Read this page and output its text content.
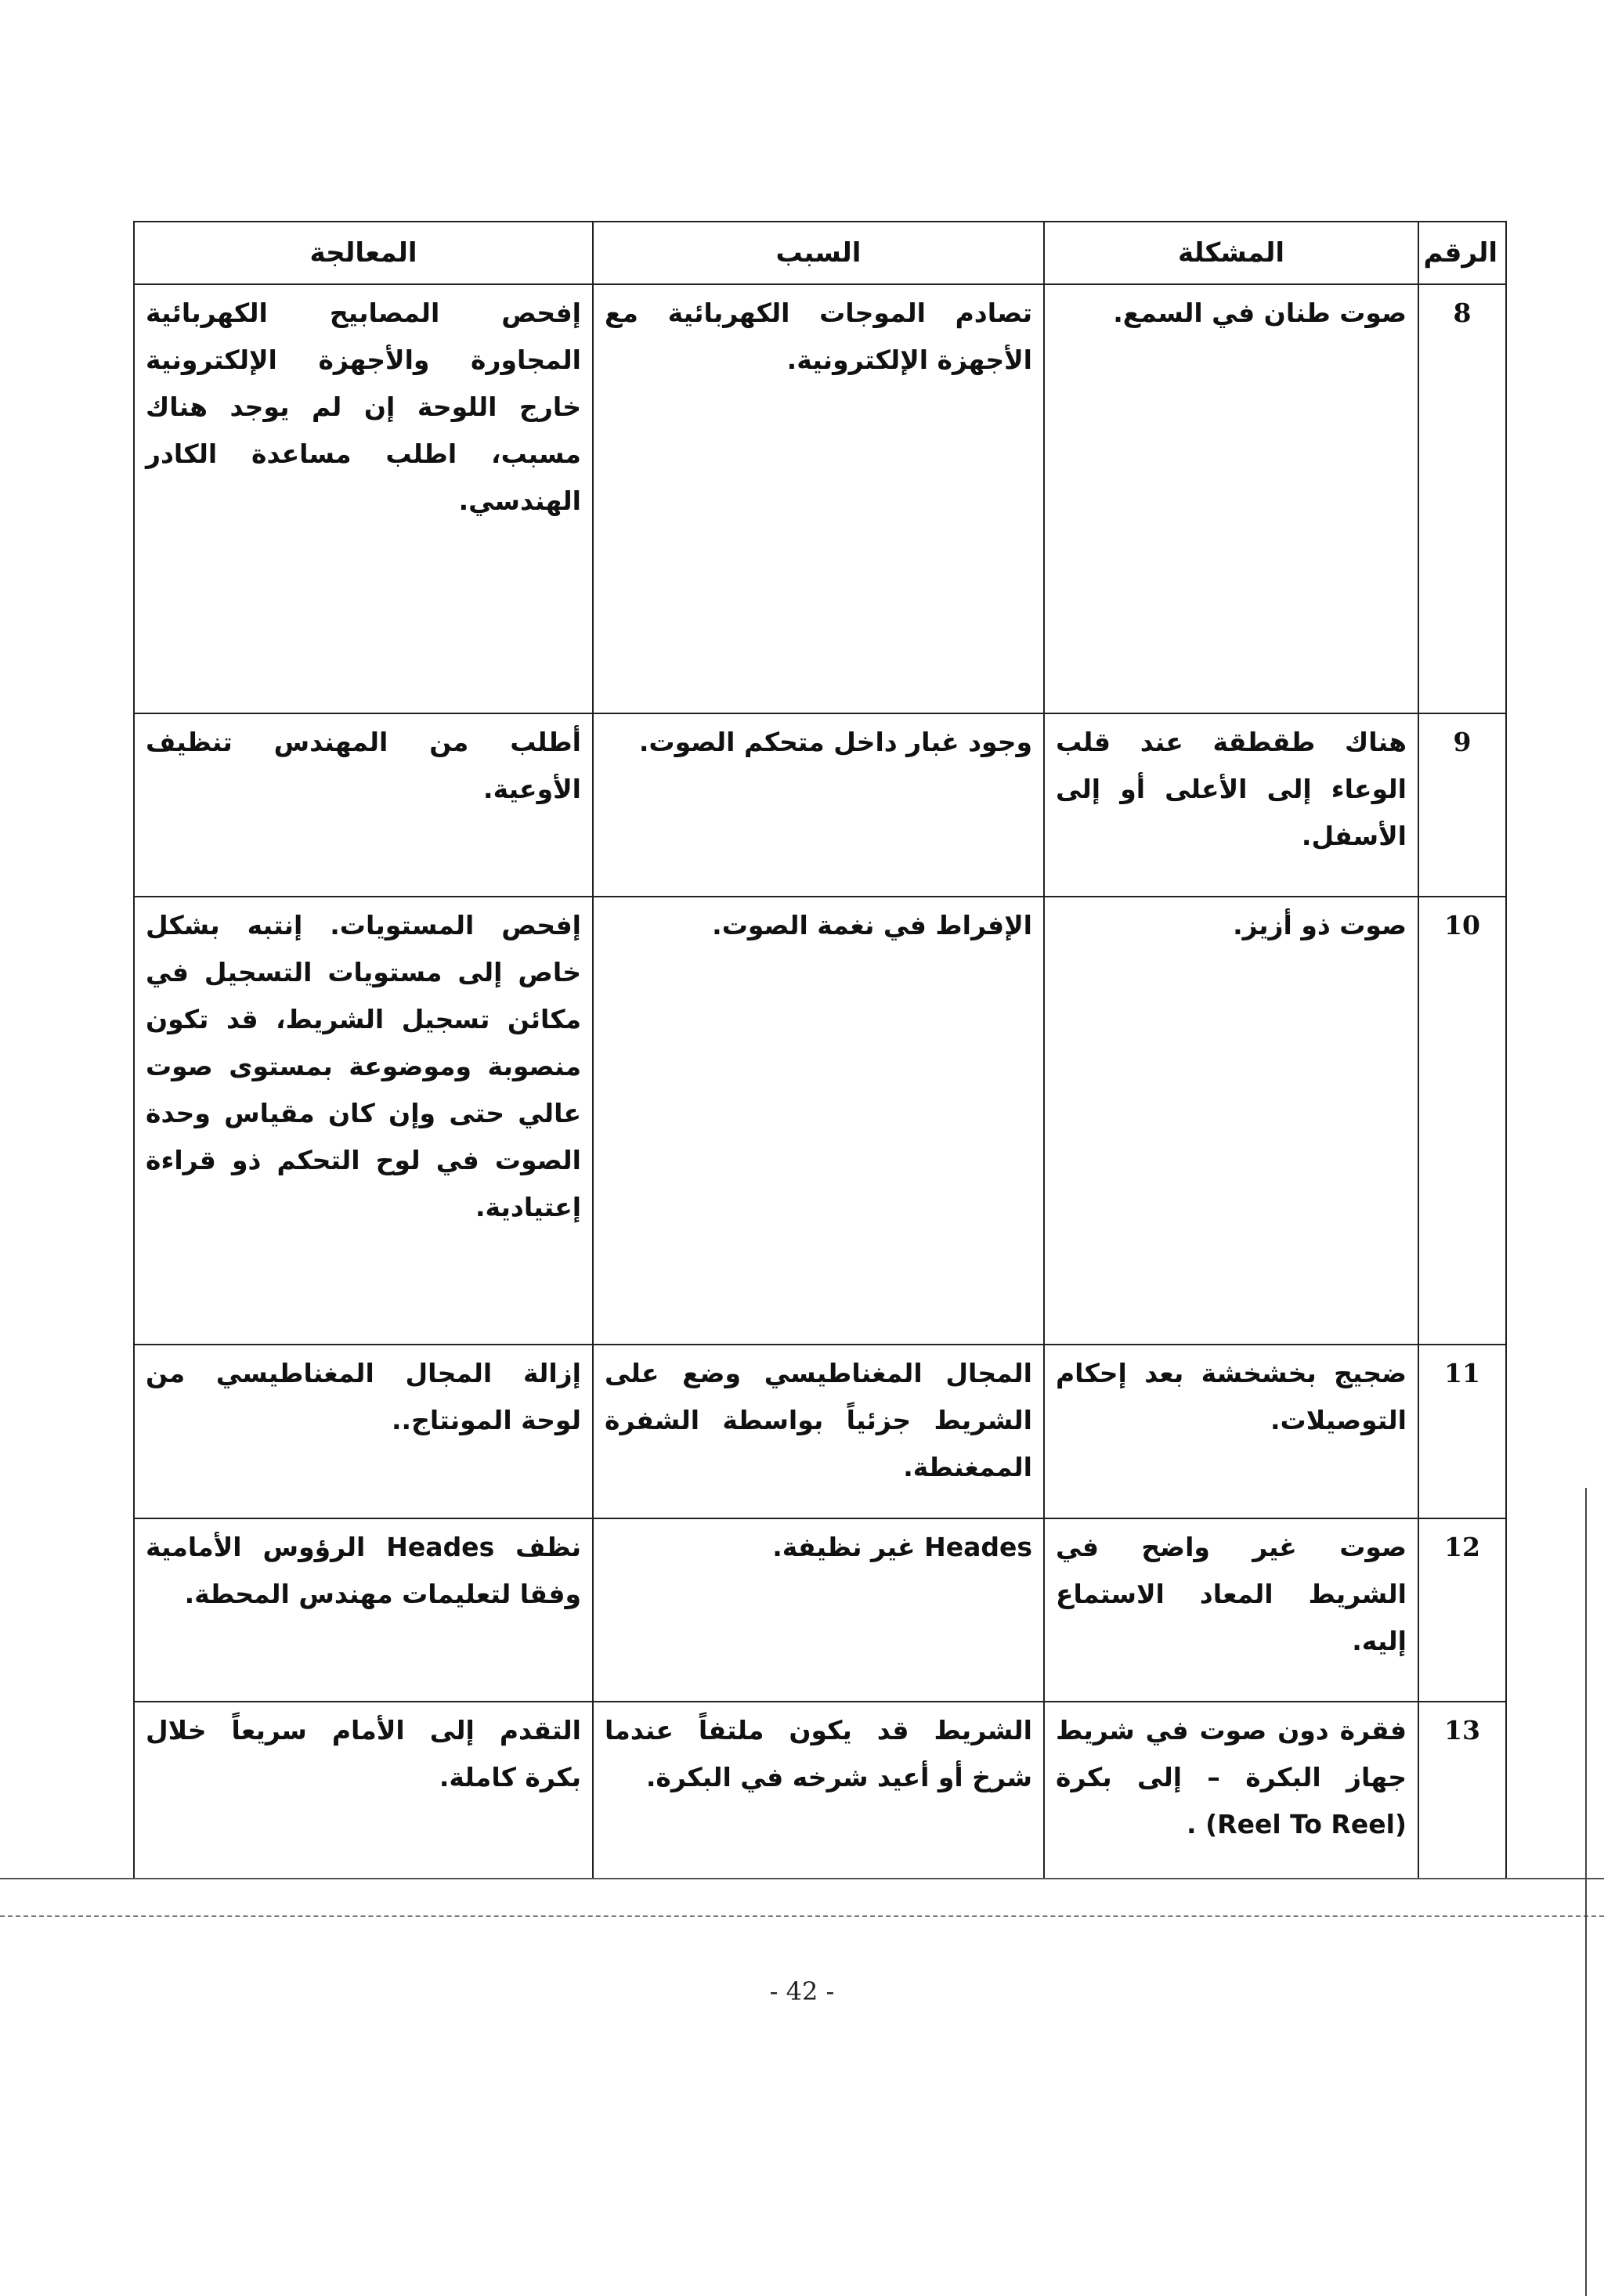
الرقم	المشكلة	السبب	المعالجة
8	صوت طنان في السمع.	تصادم الموجات الكهربائية مع الأجهزة الإلكترونية.	إفحص المصابيح الكهربائية المجاورة والأجهزة الإلكترونية خارج اللوحة إن لم يوجد هناك مسبب، اطلب مساعدة الكادر الهندسي.
9	هناك طقطقة عند قلب الوعاء إلى الأعلى أو إلى الأسفل.	وجود غبار داخل متحكم الصوت.	أطلب من المهندس تنظيف الأوعية.
10	صوت ذو أزيز.	الإفراط في نغمة الصوت.	إفحص المستويات. إنتبه بشكل خاص إلى مستويات التسجيل في مكائن تسجيل الشريط، قد تكون منصوبة وموضوعة بمستوى صوت عالي حتى وإن كان مقياس وحدة الصوت في لوح التحكم ذو قراءة إعتيادية.
11	ضجيج بخشخشة بعد إحكام التوصيلات.	المجال المغناطيسي وضع على الشريط جزئياً بواسطة الشفرة الممغنطة.	إزالة المجال المغناطيسي من لوحة المونتاج..
12	صوت غير واضح في الشريط المعاد الاستماع إليه.	Heades غير نظيفة.	نظف Heades الرؤوس الأمامية وفقا لتعليمات مهندس المحطة.
13	فقرة دون صوت في شريط جهاز البكرة – إلى بكرة (Reel To Reel) .	الشريط قد يكون ملتفاً عندما شرخ أو أعيد شرخه في البكرة.	التقدم إلى الأمام سريعاً خلال بكرة كاملة.
- 42 -
